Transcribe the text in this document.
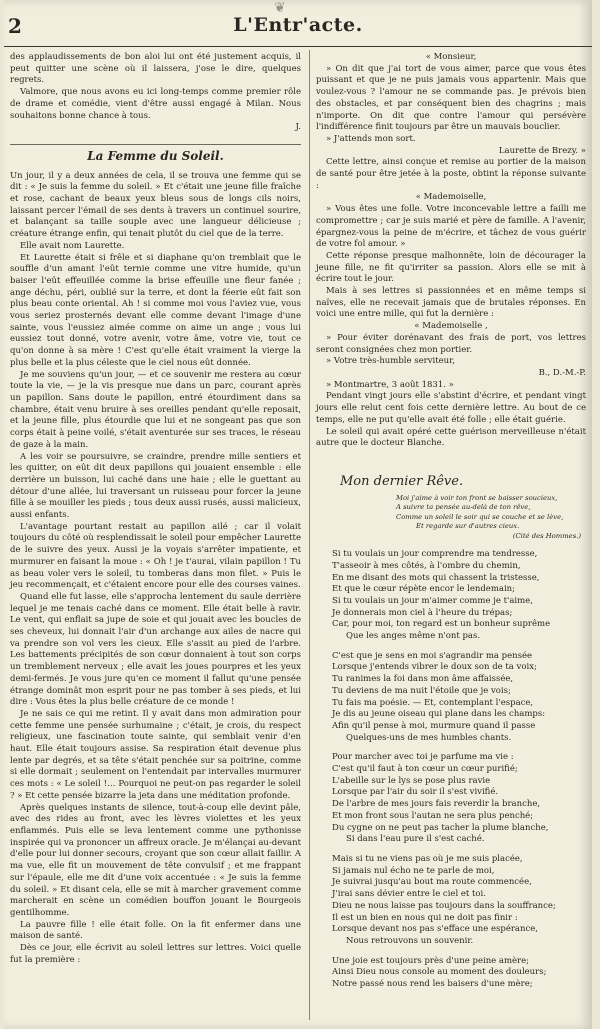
❦
2	L'Entr'acte.

des applaudissements de bon aloi lui ont été justement acquis, il peut quitter une scène où il laissera, j'ose le dire, quelques regrets.

Valmore, que nous avons eu ici long-temps comme premier rôle de drame et comédie, vient d'être aussi engagé à Milan. Nous souhaitons bonne chance à tous.

J.

La Femme du Soleil.

Un jour, il y a deux années de cela, il se trouva une femme qui se dit : « Je suis la femme du soleil. » Et c'était une jeune fille fraîche et rose, cachant de beaux yeux bleus sous de longs cils noirs, laissant percer l'émail de ses dents à travers un continuel sourire, et balançant sa taille souple avec une langueur délicieuse ; créature étrange enfin, qui tenait plutôt du ciel que de la terre.

Elle avait nom Laurette.

Et Laurette était si frêle et si diaphane qu'on tremblait que le souffle d'un amant l'eût ternie comme une vitre humide, qu'un baiser l'eût effeuillée comme la brise effeuille une fleur fanée ; ange déchu, péri, oublié sur la terre, et dont la féerie eût fait son plus beau conte oriental. Ah ! si comme moi vous l'aviez vue, vous vous seriez prosternés devant elle comme devant l'image d'une sainte, vous l'eussiez aimée comme on aime un ange ; vous lui eussiez tout donné, votre avenir, votre âme, votre vie, tout ce qu'on donne à sa mère ! C'est qu'elle était vraiment la vierge la plus belle et la plus céleste que le ciel nous eût donnée.

Je me souviens qu'un jour, — et ce souvenir me restera au cœur toute la vie, — je la vis presque nue dans un parc, courant après un papillon. Sans doute le papillon, entré étourdiment dans sa chambre, était venu bruire à ses oreilles pendant qu'elle reposait, et la jeune fille, plus étourdie que lui et ne songeant pas que son corps était à peine voilé, s'était aventurée sur ses traces, le réseau de gaze à la main.

A les voir se poursuivre, se craindre, prendre mille sentiers et les quitter, on eût dit deux papillons qui jouaient ensemble : elle derrière un buisson, lui caché dans une haie ; elle le guettant au détour d'une allée, lui traversant un ruisseau pour forcer la jeune fille à se mouiller les pieds ; tous deux aussi rusés, aussi malicieux, aussi enfants.

L'avantage pourtant restait au papillon ailé ; car il volait toujours du côté où resplendissait le soleil pour empêcher Laurette de le suivre des yeux. Aussi je la voyais s'arrêter impatiente, et murmurer en faisant la moue : « Oh ! je t'aurai, vilain papillon ! Tu as beau voler vers le soleil, tu tomberas dans mon filet. » Puis le jeu recommençait, et c'étaient encore pour elle des courses vaines.

Quand elle fut lasse, elle s'approcha lentement du saule derrière lequel je me tenais caché dans ce moment. Elle était belle à ravir. Le vent, qui enflait sa jupe de soie et qui jouait avec les boucles de ses cheveux, lui donnait l'air d'un archange aux ailes de nacre qui va prendre son vol vers les cieux. Elle s'assit au pied de l'arbre. Les battements précipités de son cœur donnaient à tout son corps un tremblement nerveux ; elle avait les joues pourpres et les yeux demi-fermés. Je vous jure qu'en ce moment il fallut qu'une pensée étrange dominât mon esprit pour ne pas tomber à ses pieds, et lui dire : Vous êtes la plus belle créature de ce monde !

Je ne sais ce qui me retint. Il y avait dans mon admiration pour cette femme une pensée surhumaine ; c'était, je crois, du respect religieux, une fascination toute sainte, qui semblait venir d'en haut. Elle était toujours assise. Sa respiration était devenue plus lente par degrés, et sa tête s'était penchée sur sa poitrine, comme si elle dormait ; seulement on l'entendait par intervalles murmurer ces mots : « Le soleil !… Pourquoi ne peut-on pas regarder le soleil ? » Et cette pensée bizarre la jeta dans une méditation profonde.

Après quelques instants de silence, tout-à-coup elle devint pâle, avec des rides au front, avec les lèvres violettes et les yeux enflammés. Puis elle se leva lentement comme une pythonisse inspirée qui va prononcer un affreux oracle. Je m'élançai au-devant d'elle pour lui donner secours, croyant que son cœur allait faillir. A ma vue, elle fit un mouvement de tête convulsif ; et me frappant sur l'épaule, elle me dit d'une voix accentuée : « Je suis la femme du soleil. » Et disant cela, elle se mit à marcher gravement comme marcherait en scène un comédien bouffon jouant le Bourgeois gentilhomme.

La pauvre fille ! elle était folle. On la fit enfermer dans une maison de santé.

Dès ce jour, elle écrivit au soleil lettres sur lettres. Voici quelle fut la première :

« Monsieur,

» On dit que j'ai tort de vous aimer, parce que vous êtes puissant et que je ne puis jamais vous appartenir. Mais que voulez-vous ? l'amour ne se commande pas. Je prévois bien des obstacles, et par conséquent bien des chagrins ; mais n'importe. On dit que contre l'amour qui persévère l'indifférence finit toujours par être un mauvais bouclier.

» J'attends mon sort.

Laurette de Brezy. »

Cette lettre, ainsi conçue et remise au portier de la maison de santé pour être jetée à la poste, obtint la réponse suivante :

« Mademoiselle,

» Vous êtes une folle. Votre inconcevable lettre a failli me compromettre ; car je suis marié et père de famille. A l'avenir, épargnez-vous la peine de m'écrire, et tâchez de vous guérir de votre fol amour. »

Cette réponse presque malhonnête, loin de décourager la jeune fille, ne fit qu'irriter sa passion. Alors elle se mit à écrire tout le jour.

Mais à ses lettres si passionnées et en même temps si naïves, elle ne recevait jamais que de brutales réponses. En voici une entre mille, qui fut la dernière :

« Mademoiselle ,

» Pour éviter dorénavant des frais de port, vos lettres seront consignées chez mon portier.

» Votre très-humble serviteur,

B., D.-M.-P.

» Montmartre, 3 août 1831. »

Pendant vingt jours elle s'abstint d'écrire, et pendant vingt jours elle relut cent fois cette dernière lettre. Au bout de ce temps, elle ne put qu'elle avait été folle ; elle était guérie.

Le soleil qui avait opéré cette guérison merveilleuse n'était autre que le docteur Blanche.

Mon dernier Rêve.
Moi j'aime à voir ton front se baisser soucieux,
A suivre ta pensée au-delà de ton rêve,
Comme un soleil le soir qui se couche et se lève,
Et regarde sur d'autres cieux.
(Cité des Hommes.)
Si tu voulais un jour comprendre ma tendresse,
T'asseoir à mes côtés, à l'ombre du chemin,
En me disant des mots qui chassent la tristesse,
Et que le cœur répète encor le lendemain;
Si tu voulais un jour m'aimer comme je t'aime,
Je donnerais mon ciel à l'heure du trépas;
Car, pour moi, ton regard est un bonheur suprême
Que les anges même n'ont pas.
C'est que je sens en moi s'agrandir ma pensée
Lorsque j'entends vibrer le doux son de ta voix;
Tu ranimes la foi dans mon âme affaissée,
Tu deviens de ma nuit l'étoile que je vois;
Tu fais ma poésie. — Et, contemplant l'espace,
Je dis au jeune oiseau qui plane dans les champs:
Afin qu'il pense à moi, murmure quand il passe
Quelques-uns de mes humbles chants.
Pour marcher avec toi je parfume ma vie :
C'est qu'il faut à ton cœur un cœur purifié;
L'abeille sur le lys se pose plus ravie
Lorsque par l'air du soir il s'est vivifié.
De l'arbre de mes jours fais reverdir la branche,
Et mon front sous l'autan ne sera plus penché;
Du cygne on ne peut pas tacher la plume blanche,
Si dans l'eau pure il s'est caché.
Mais si tu ne viens pas où je me suis placée,
Si jamais nul écho ne te parle de moi,
Je suivrai jusqu'au bout ma route commencée,
J'irai sans dévier entre le ciel et toi.
Dieu ne nous laisse pas toujours dans la souffrance;
Il est un bien en nous qui ne doit pas finir :
Lorsque devant nos pas s'efface une espérance,
Nous retrouvons un souvenir.
Une joie est toujours près d'une peine amère;
Ainsi Dieu nous console au moment des douleurs;
Notre passé nous rend les baisers d'une mère;
